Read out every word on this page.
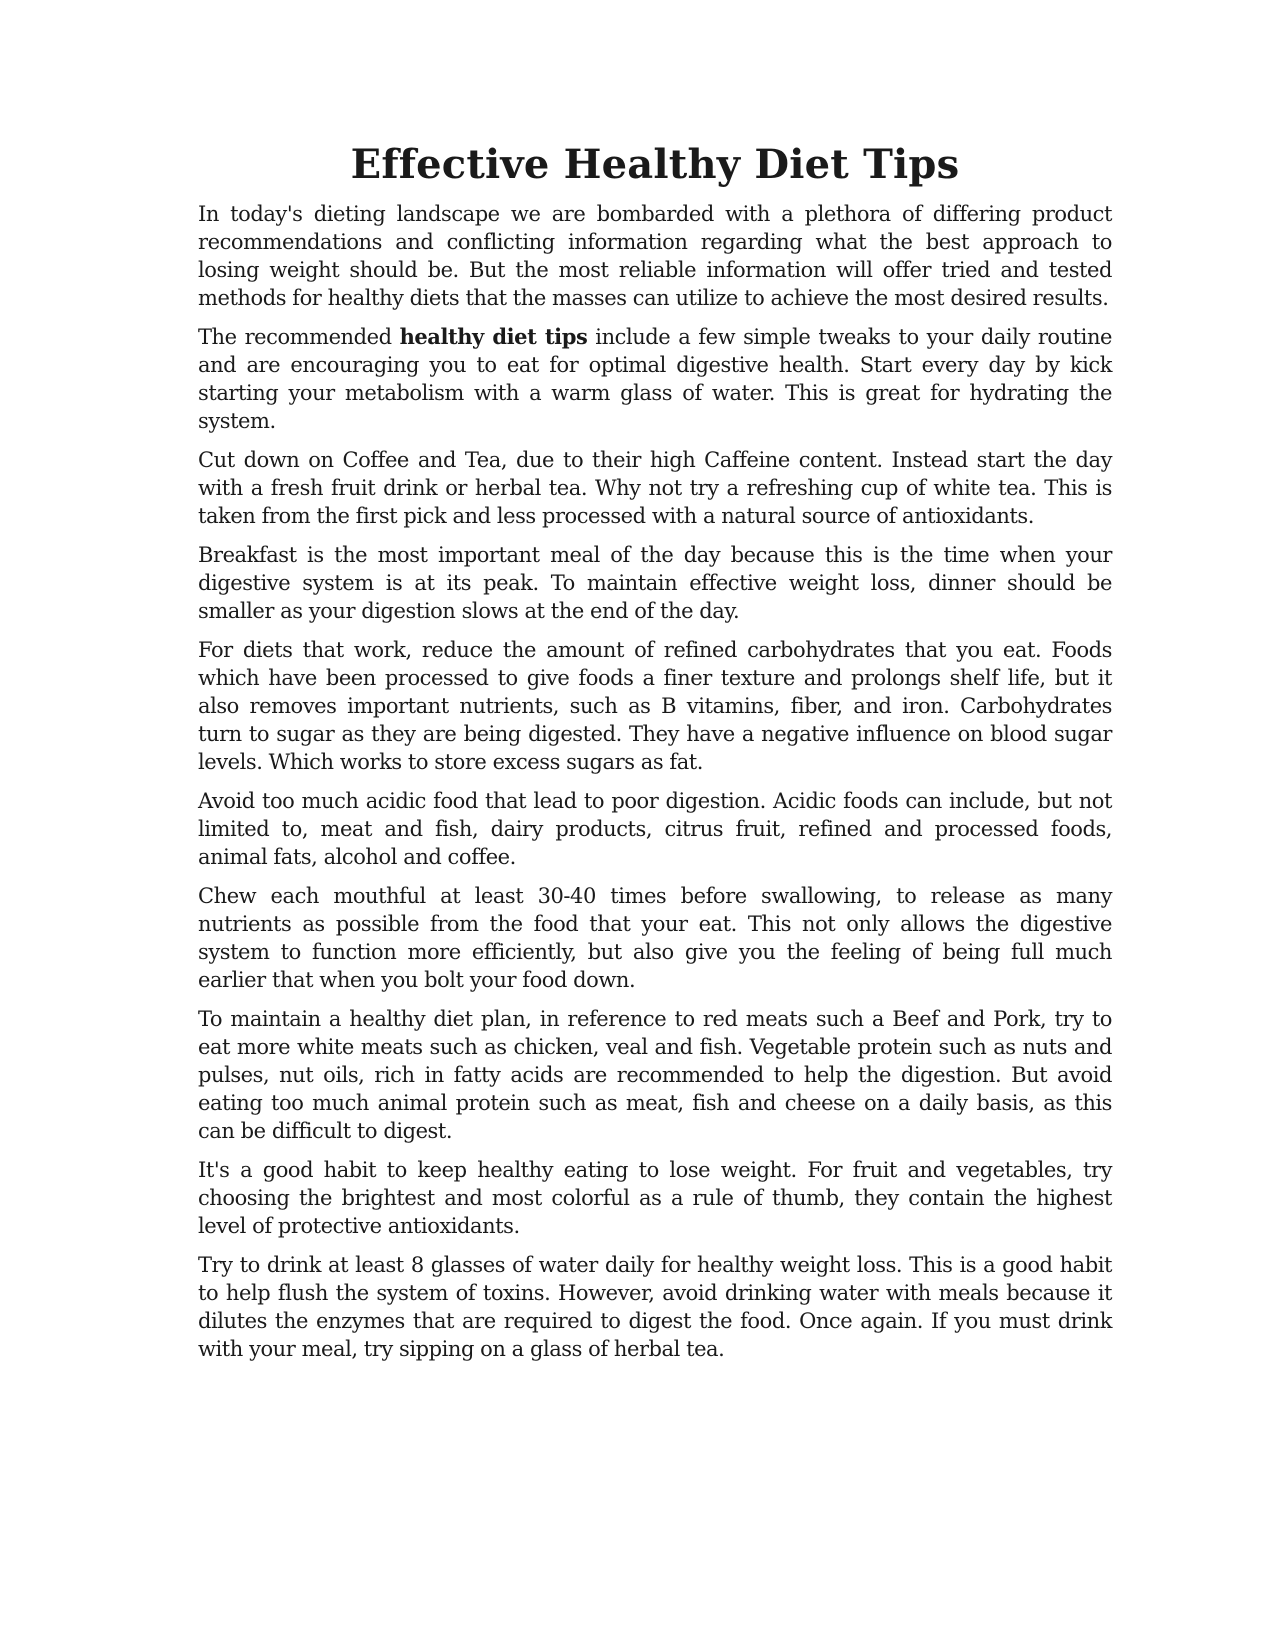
Effective Healthy Diet Tips

In today's dieting landscape we are bombarded with a plethora of differing product recommendations and conflicting information regarding what the best approach to losing weight should be. But the most reliable information will offer tried and tested methods for healthy diets that the masses can utilize to achieve the most desired results.

The recommended healthy diet tips include a few simple tweaks to your daily routine and are encouraging you to eat for optimal digestive health. Start every day by kick starting your metabolism with a warm glass of water. This is great for hydrating the system.

Cut down on Coffee and Tea, due to their high Caffeine content. Instead start the day with a fresh fruit drink or herbal tea. Why not try a refreshing cup of white tea. This is taken from the first pick and less processed with a natural source of antioxidants.

Breakfast is the most important meal of the day because this is the time when your digestive system is at its peak. To maintain effective weight loss, dinner should be smaller as your digestion slows at the end of the day.

For diets that work, reduce the amount of refined carbohydrates that you eat. Foods which have been processed to give foods a finer texture and prolongs shelf life, but it also removes important nutrients, such as B vitamins, fiber, and iron. Carbohydrates turn to sugar as they are being digested. They have a negative influence on blood sugar levels. Which works to store excess sugars as fat.

Avoid too much acidic food that lead to poor digestion. Acidic foods can include, but not limited to, meat and fish, dairy products, citrus fruit, refined and processed foods, animal fats, alcohol and coffee.

Chew each mouthful at least 30-40 times before swallowing, to release as many nutrients as possible from the food that your eat. This not only allows the digestive system to function more efficiently, but also give you the feeling of being full much earlier that when you bolt your food down.

To maintain a healthy diet plan, in reference to red meats such a Beef and Pork, try to eat more white meats such as chicken, veal and fish. Vegetable protein such as nuts and pulses, nut oils, rich in fatty acids are recommended to help the digestion. But avoid eating too much animal protein such as meat, fish and cheese on a daily basis, as this can be difficult to digest.

It's a good habit to keep healthy eating to lose weight. For fruit and vegetables, try choosing the brightest and most colorful as a rule of thumb, they contain the highest level of protective antioxidants.

Try to drink at least 8 glasses of water daily for healthy weight loss. This is a good habit to help flush the system of toxins. However, avoid drinking water with meals because it dilutes the enzymes that are required to digest the food. Once again. If you must drink with your meal, try sipping on a glass of herbal tea.
